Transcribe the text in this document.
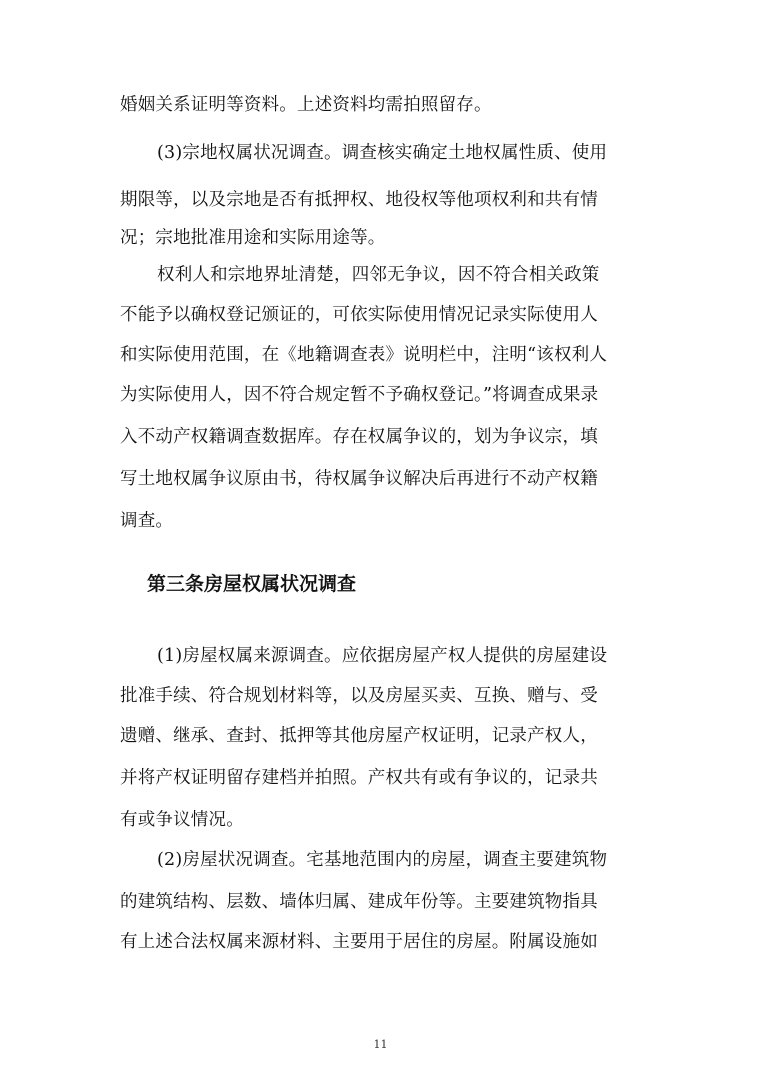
婚姻关系证明等资料。上述资料均需拍照留存。
(3)宗地权属状况调查。调查核实确定土地权属性质、使用
期限等，以及宗地是否有抵押权、地役权等他项权利和共有情
况；宗地批准用途和实际用途等。
权利人和宗地界址清楚，四邻无争议，因不符合相关政策
不能予以确权登记颁证的，可依实际使用情况记录实际使用人
和实际使用范围，在《地籍调查表》说明栏中，注明“该权利人
为实际使用人，因不符合规定暂不予确权登记。”将调查成果录
入不动产权籍调查数据库。存在权属争议的，划为争议宗，填
写土地权属争议原由书，待权属争议解决后再进行不动产权籍
调查。
第三条房屋权属状况调查
(1)房屋权属来源调查。应依据房屋产权人提供的房屋建设
批准手续、符合规划材料等，以及房屋买卖、互换、赠与、受
遗赠、继承、查封、抵押等其他房屋产权证明，记录产权人，
并将产权证明留存建档并拍照。产权共有或有争议的，记录共
有或争议情况。
(2)房屋状况调查。宅基地范围内的房屋，调查主要建筑物
的建筑结构、层数、墙体归属、建成年份等。主要建筑物指具
有上述合法权属来源材料、主要用于居住的房屋。附属设施如
11
